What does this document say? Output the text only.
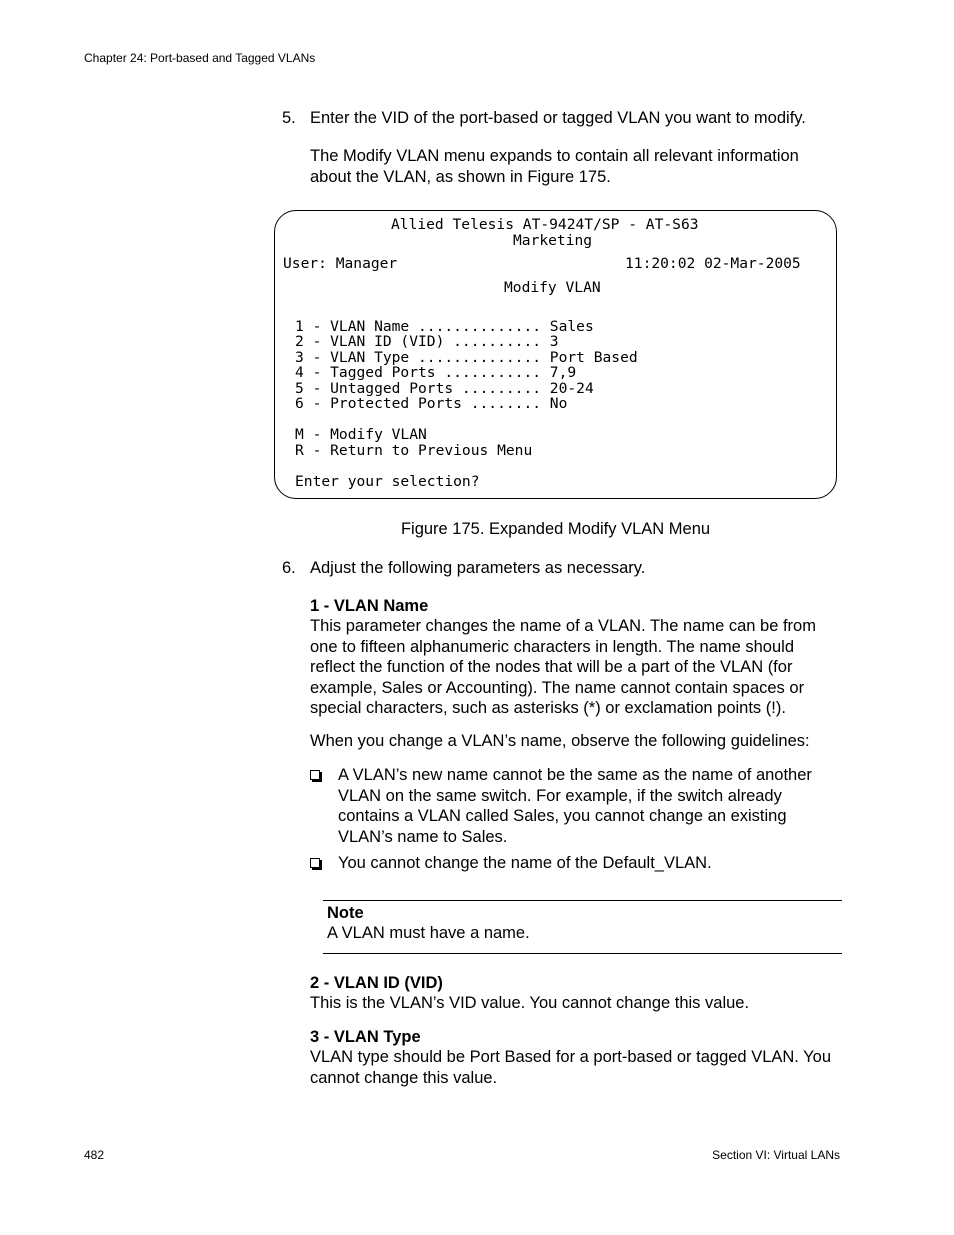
Chapter 24: Port-based and Tagged VLANs
5. Enter the VID of the port-based or tagged VLAN you want to modify.
The Modify VLAN menu expands to contain all relevant information about the VLAN, as shown in Figure 175.
Allied Telesis AT-9424T/SP - AT-S63
Marketing
User: Manager	11:20:02 02-Mar-2005
Modify VLAN
1 - VLAN Name .............. Sales
2 - VLAN ID (VID) .......... 3
3 - VLAN Type .............. Port Based
4 - Tagged Ports ........... 7,9
5 - Untagged Ports ......... 20-24
6 - Protected Ports ........ No
M - Modify VLAN
R - Return to Previous Menu
Enter your selection?
Figure 175. Expanded Modify VLAN Menu
6. Adjust the following parameters as necessary.
1 - VLAN Name
This parameter changes the name of a VLAN. The name can be from one to fifteen alphanumeric characters in length. The name should reflect the function of the nodes that will be a part of the VLAN (for example, Sales or Accounting). The name cannot contain spaces or special characters, such as asterisks (*) or exclamation points (!).
When you change a VLAN’s name, observe the following guidelines:
A VLAN’s new name cannot be the same as the name of another VLAN on the same switch. For example, if the switch already contains a VLAN called Sales, you cannot change an existing VLAN’s name to Sales.
You cannot change the name of the Default_VLAN.
Note
A VLAN must have a name.
2 - VLAN ID (VID)
This is the VLAN’s VID value. You cannot change this value.
3 - VLAN Type
VLAN type should be Port Based for a port-based or tagged VLAN. You cannot change this value.
482	Section VI: Virtual LANs
